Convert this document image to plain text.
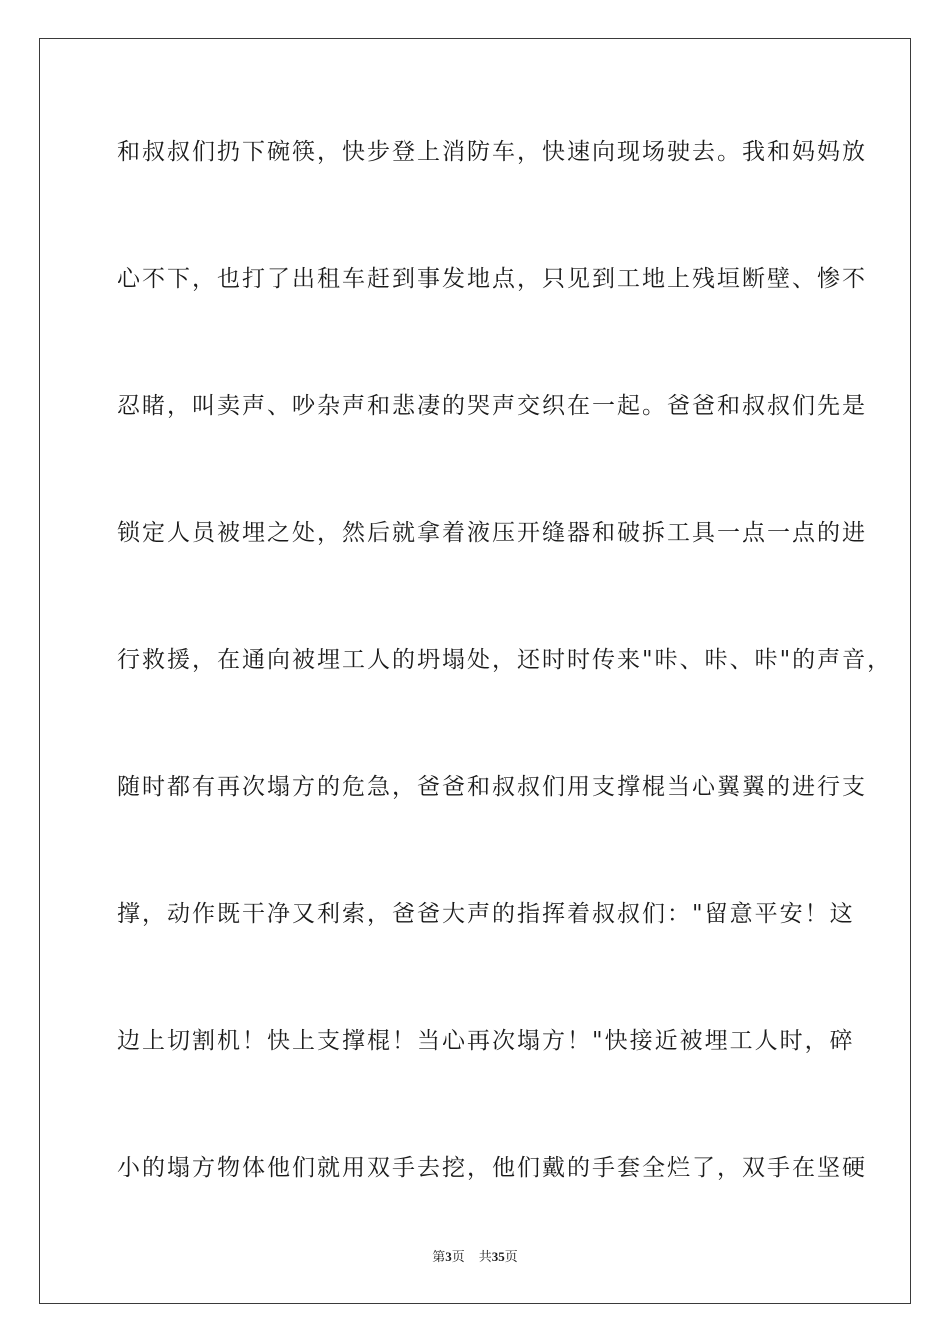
和叔叔们扔下碗筷，快步登上消防车，快速向现场驶去。我和妈妈放
心不下，也打了出租车赶到事发地点，只见到工地上残垣断壁、惨不
忍睹，叫卖声、吵杂声和悲凄的哭声交织在一起。爸爸和叔叔们先是
锁定人员被埋之处，然后就拿着液压开缝器和破拆工具一点一点的进
行救援，在通向被埋工人的坍塌处，还时时传来"咔、咔、咔"的声音，
随时都有再次塌方的危急，爸爸和叔叔们用支撑棍当心翼翼的进行支
撑，动作既干净又利索，爸爸大声的指挥着叔叔们："留意平安！这
边上切割机！快上支撑棍！当心再次塌方！"快接近被埋工人时，碎
小的塌方物体他们就用双手去挖，他们戴的手套全烂了，双手在坚硬
第3页 共35页
